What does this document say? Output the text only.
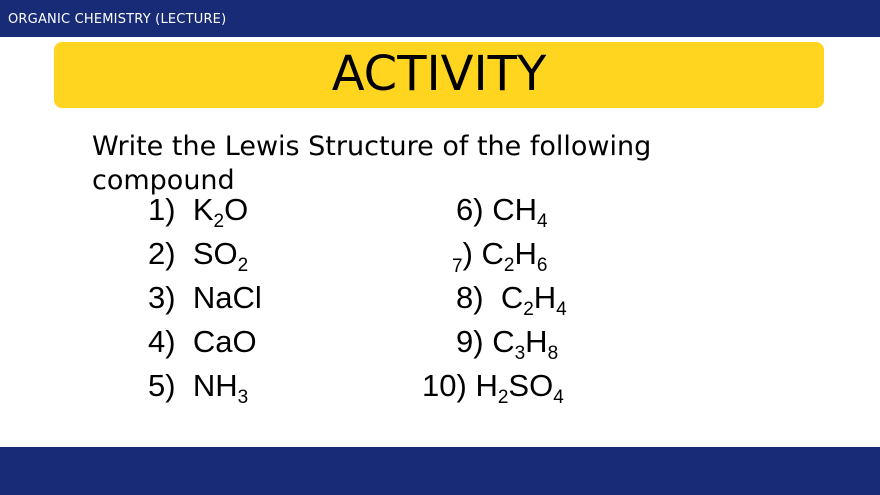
ORGANIC CHEMISTRY (LECTURE)
ACTIVITY
Write the Lewis Structure of the following compound
1) $K_2O$
2) $SO_2$
3) NaCl
4) CaO
5) $NH_3$
6) $CH_4$
$_7$) $C_2H_6$
8) $C_2H_4$
9) $C_3H_8$
10) $H_2SO_4$
